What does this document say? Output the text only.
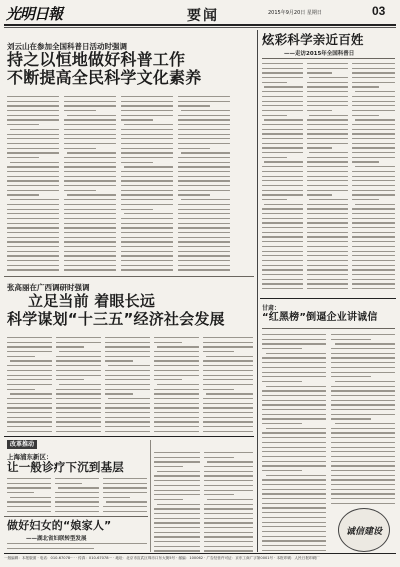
光明日報	要闻	2015年9月20日 星期日	03
刘云山在参加全国科普日活动时强调
持之以恒地做好科普工作
不断提高全民科学文化素养
张高丽在广西调研时强调
立足当前 着眼长远
科学谋划“十三五”经济社会发展
改革推动
上海浦东新区：
让一般诊疗下沉到基层
做好妇女的“娘家人”
——湖北省妇联转型发展
炫彩科学亲近百姓
——走访2015年全国科普日
甘肃：
“红黑榜”倒逼企业讲诚信
诚信建设
一版编辑：本报版面 · 电话：010-67078···· · 传真：010-67078··· · 地址：北京市宣武区珠市口东大街5号 · 邮编：100062 · 广告经营许可证：京东工商广字第0001号 · 本报印刷：人民日报印刷厂
